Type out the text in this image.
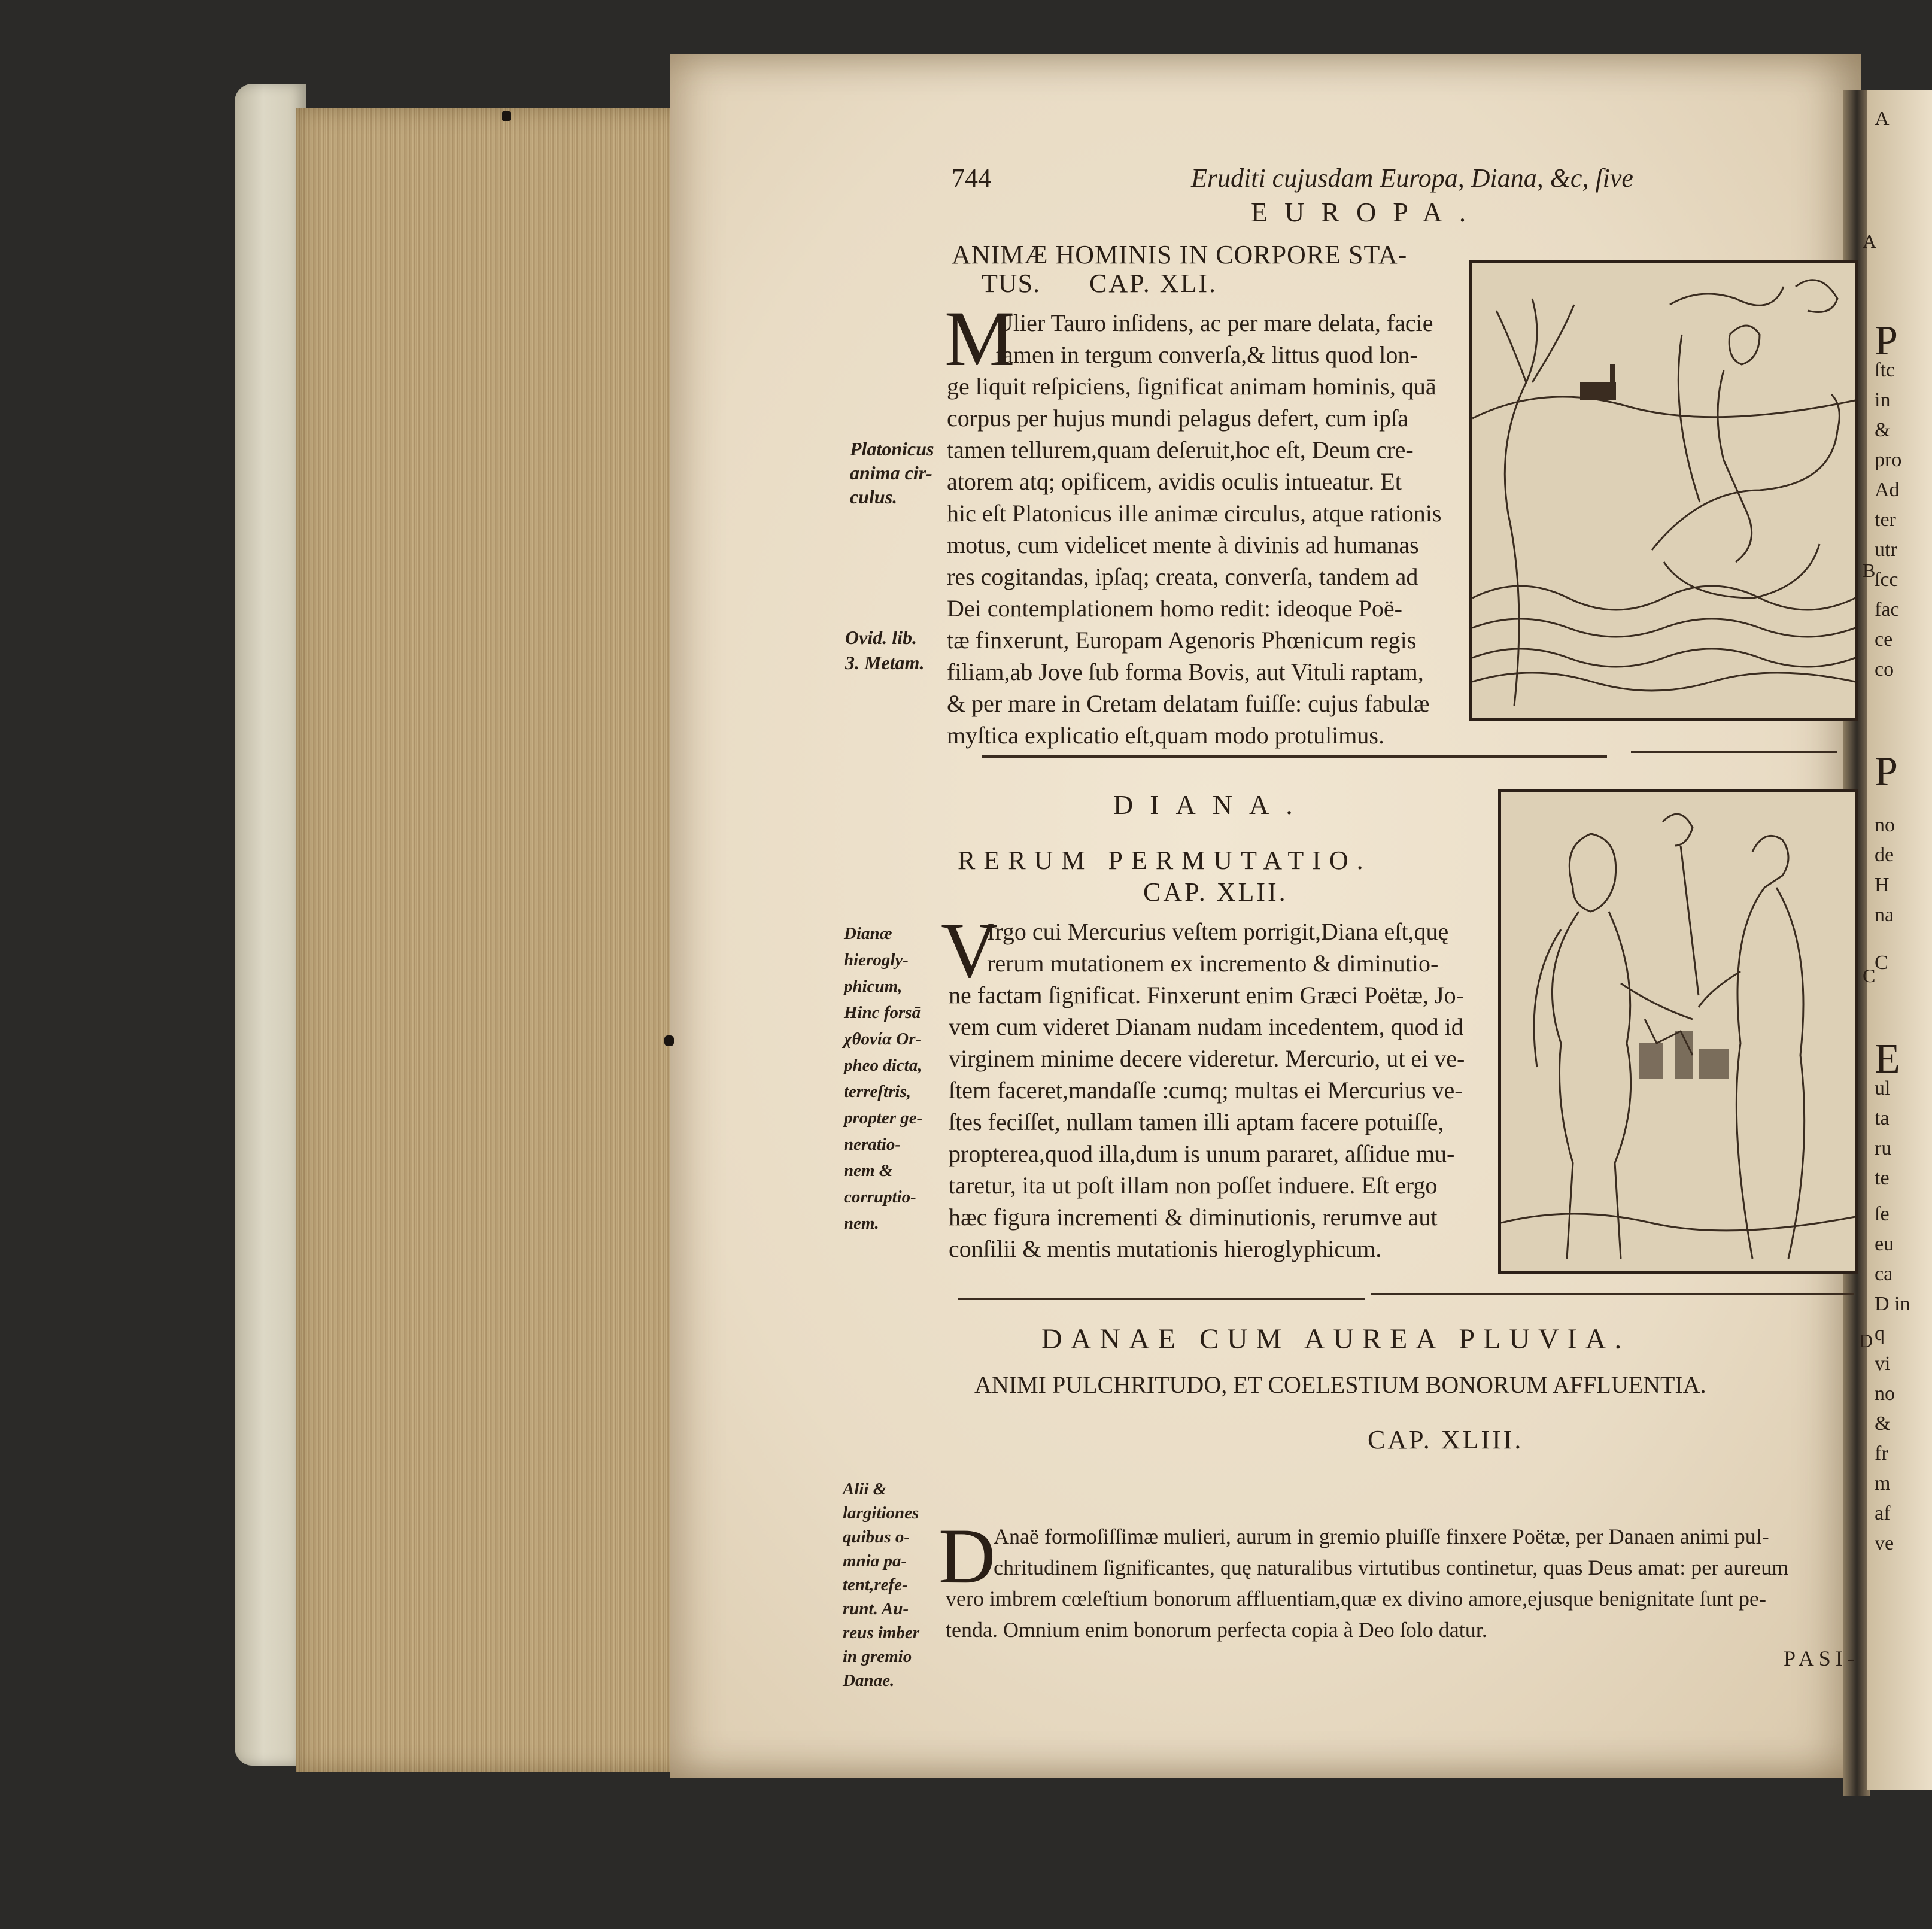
A
P
ſtc
in
&
pro
Ad
ter
utr
ſcc
fac
ce
co
P
no
de
H
na
C
E
ul
ta
ru
te
ſe
eu
ca
D in
q
vi
no
&
fr
m
af
ve
744	Eruditi cujusdam Europa, Diana, &c, ſive
EUROPA.
ANIMÆ HOMINIS IN CORPORE STA-
TUS. CAP. XLI.
M
Ulier Tauro inſidens, ac per mare delata, facie
tamen in tergum converſa,& littus quod lon-
ge liquit reſpiciens, ſignificat animam hominis, quā
corpus per hujus mundi pelagus defert, cum ipſa
tamen tellurem,quam deſeruit,hoc eſt, Deum cre-
atorem atq; opificem, avidis oculis intueatur. Et
hic eſt Platonicus ille animæ circulus, atque rationis
motus, cum videlicet mente à divinis ad humanas
res cogitandas, ipſaq; creata, converſa, tandem ad
Dei contemplationem homo redit: ideoque Poë-
tæ finxerunt, Europam Agenoris Phœnicum regis
filiam,ab Jove ſub forma Bovis, aut Vituli raptam,
& per mare in Cretam delatam fuiſſe: cujus fabulæ
myſtica explicatio eſt,quam modo protulimus.
Platonicus
anima cir-
culus.
Ovid. lib.
3. Metam.
DIANA.
RERUM PERMUTATIO.
CAP. XLII.
V
Irgo cui Mercurius veſtem porrigit,Diana eſt,quę
rerum mutationem ex incremento & diminutio-
ne factam ſignificat. Finxerunt enim Græci Poëtæ, Jo-
vem cum videret Dianam nudam incedentem, quod id
virginem minime decere videretur. Mercurio, ut ei ve-
ſtem faceret,mandaſſe :cumq; multas ei Mercurius ve-
ſtes feciſſet, nullam tamen illi aptam facere potuiſſe,
propterea,quod illa,dum is unum pararet, aſſidue mu-
taretur, ita ut poſt illam non poſſet induere. Eſt ergo
hæc figura incrementi & diminutionis, rerumve aut
conſilii & mentis mutationis hieroglyphicum.
Dianæ
hierogly-
phicum,
Hinc forsā
χθονία Or-
pheo dicta,
terreſtris,
propter ge-
neratio-
nem &
corruptio-
nem.
DANAE CUM AUREA PLUVIA.
ANIMI PULCHRITUDO, ET COELESTIUM BONORUM AFFLUENTIA.
CAP. XLIII.
D
Anaë formoſiſſimæ mulieri, aurum in gremio pluiſſe finxere Poëtæ, per Danaen animi pul-
chritudinem ſignificantes, quę naturalibus virtutibus continetur, quas Deus amat: per aureum
vero imbrem cœleſtium bonorum affluentiam,quæ ex divino amore,ejusque benignitate ſunt pe-
tenda. Omnium enim bonorum perfecta copia à Deo ſolo datur.
Alii &
largitiones
quibus o-
mnia pa-
tent,refe-
runt. Au-
reus imber
in gremio
Danae.
PASI-
A
B
C
D
